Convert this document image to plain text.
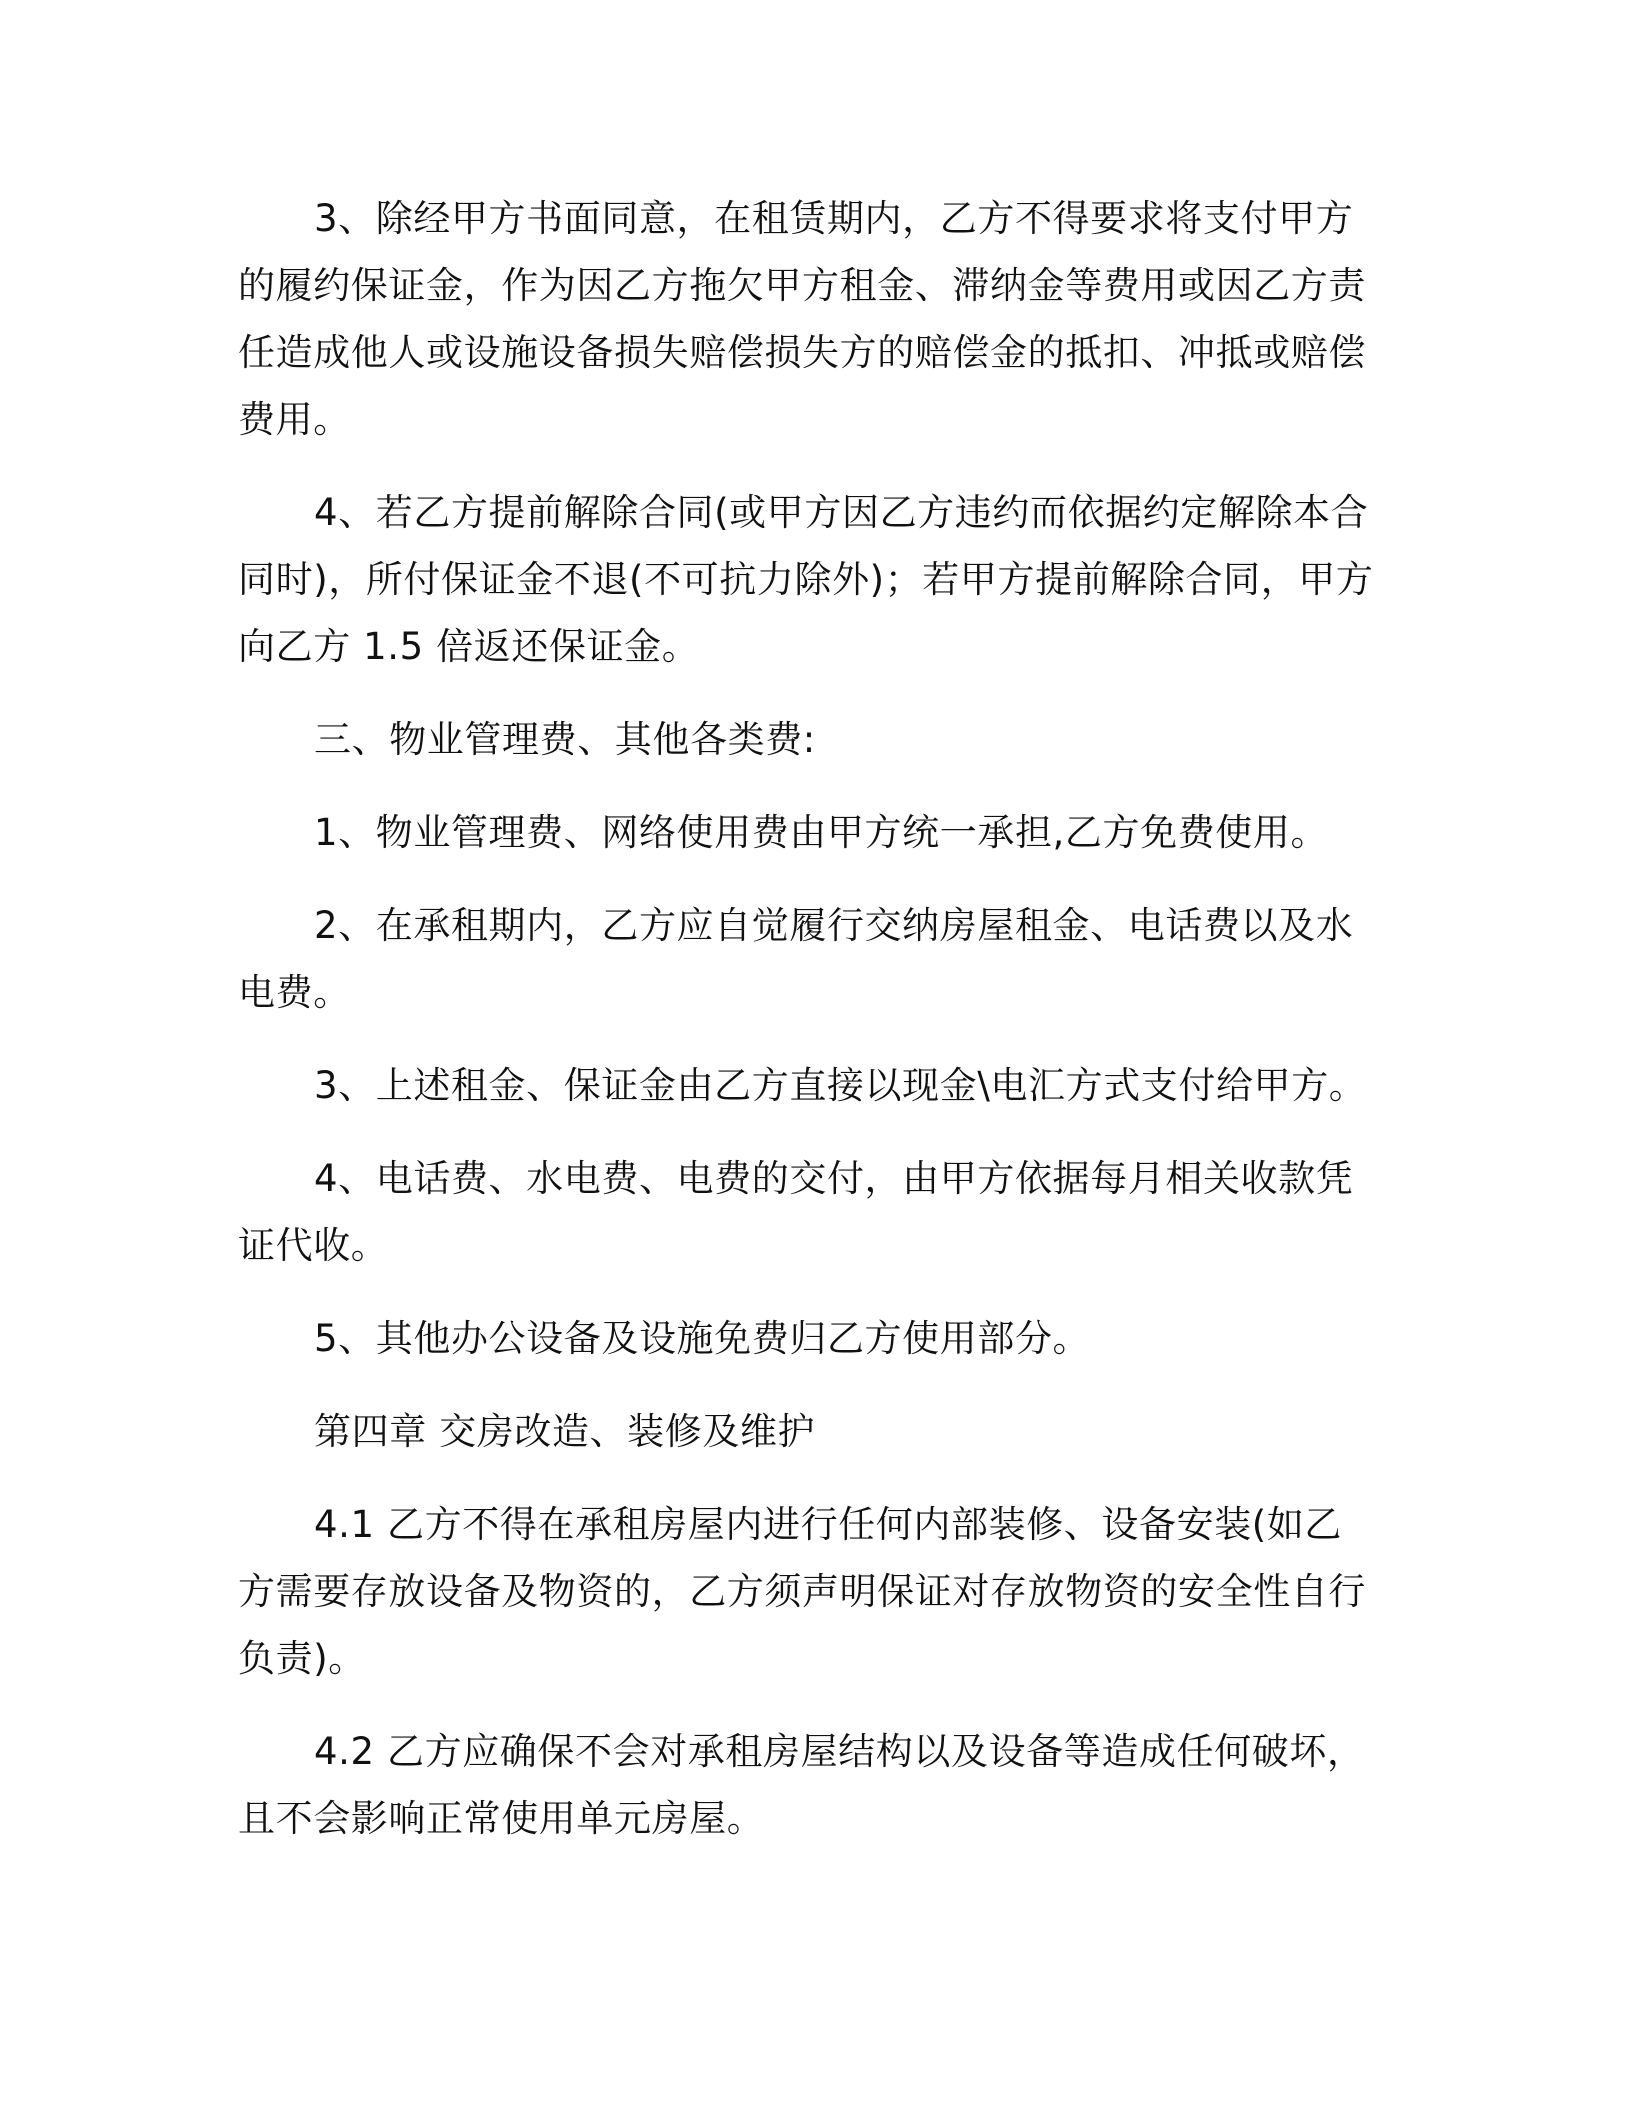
3、除经甲方书面同意，在租赁期内，乙方不得要求将支付甲方的履约保证金，作为因乙方拖欠甲方租金、滞纳金等费用或因乙方责任造成他人或设施设备损失赔偿损失方的赔偿金的抵扣、冲抵或赔偿费用。

4、若乙方提前解除合同(或甲方因乙方违约而依据约定解除本合同时)，所付保证金不退(不可抗力除外)；若甲方提前解除合同，甲方向乙方 1.5 倍返还保证金。

三、物业管理费、其他各类费:

1、物业管理费、网络使用费由甲方统一承担,乙方免费使用。

2、在承租期内，乙方应自觉履行交纳房屋租金、电话费以及水电费。

3、上述租金、保证金由乙方直接以现金\电汇方式支付给甲方。

4、电话费、水电费、电费的交付，由甲方依据每月相关收款凭证代收。

5、其他办公设备及设施免费归乙方使用部分。

第四章 交房改造、装修及维护

4.1 乙方不得在承租房屋内进行任何内部装修、设备安装(如乙方需要存放设备及物资的，乙方须声明保证对存放物资的安全性自行负责)。

4.2 乙方应确保不会对承租房屋结构以及设备等造成任何破坏，且不会影响正常使用单元房屋。
